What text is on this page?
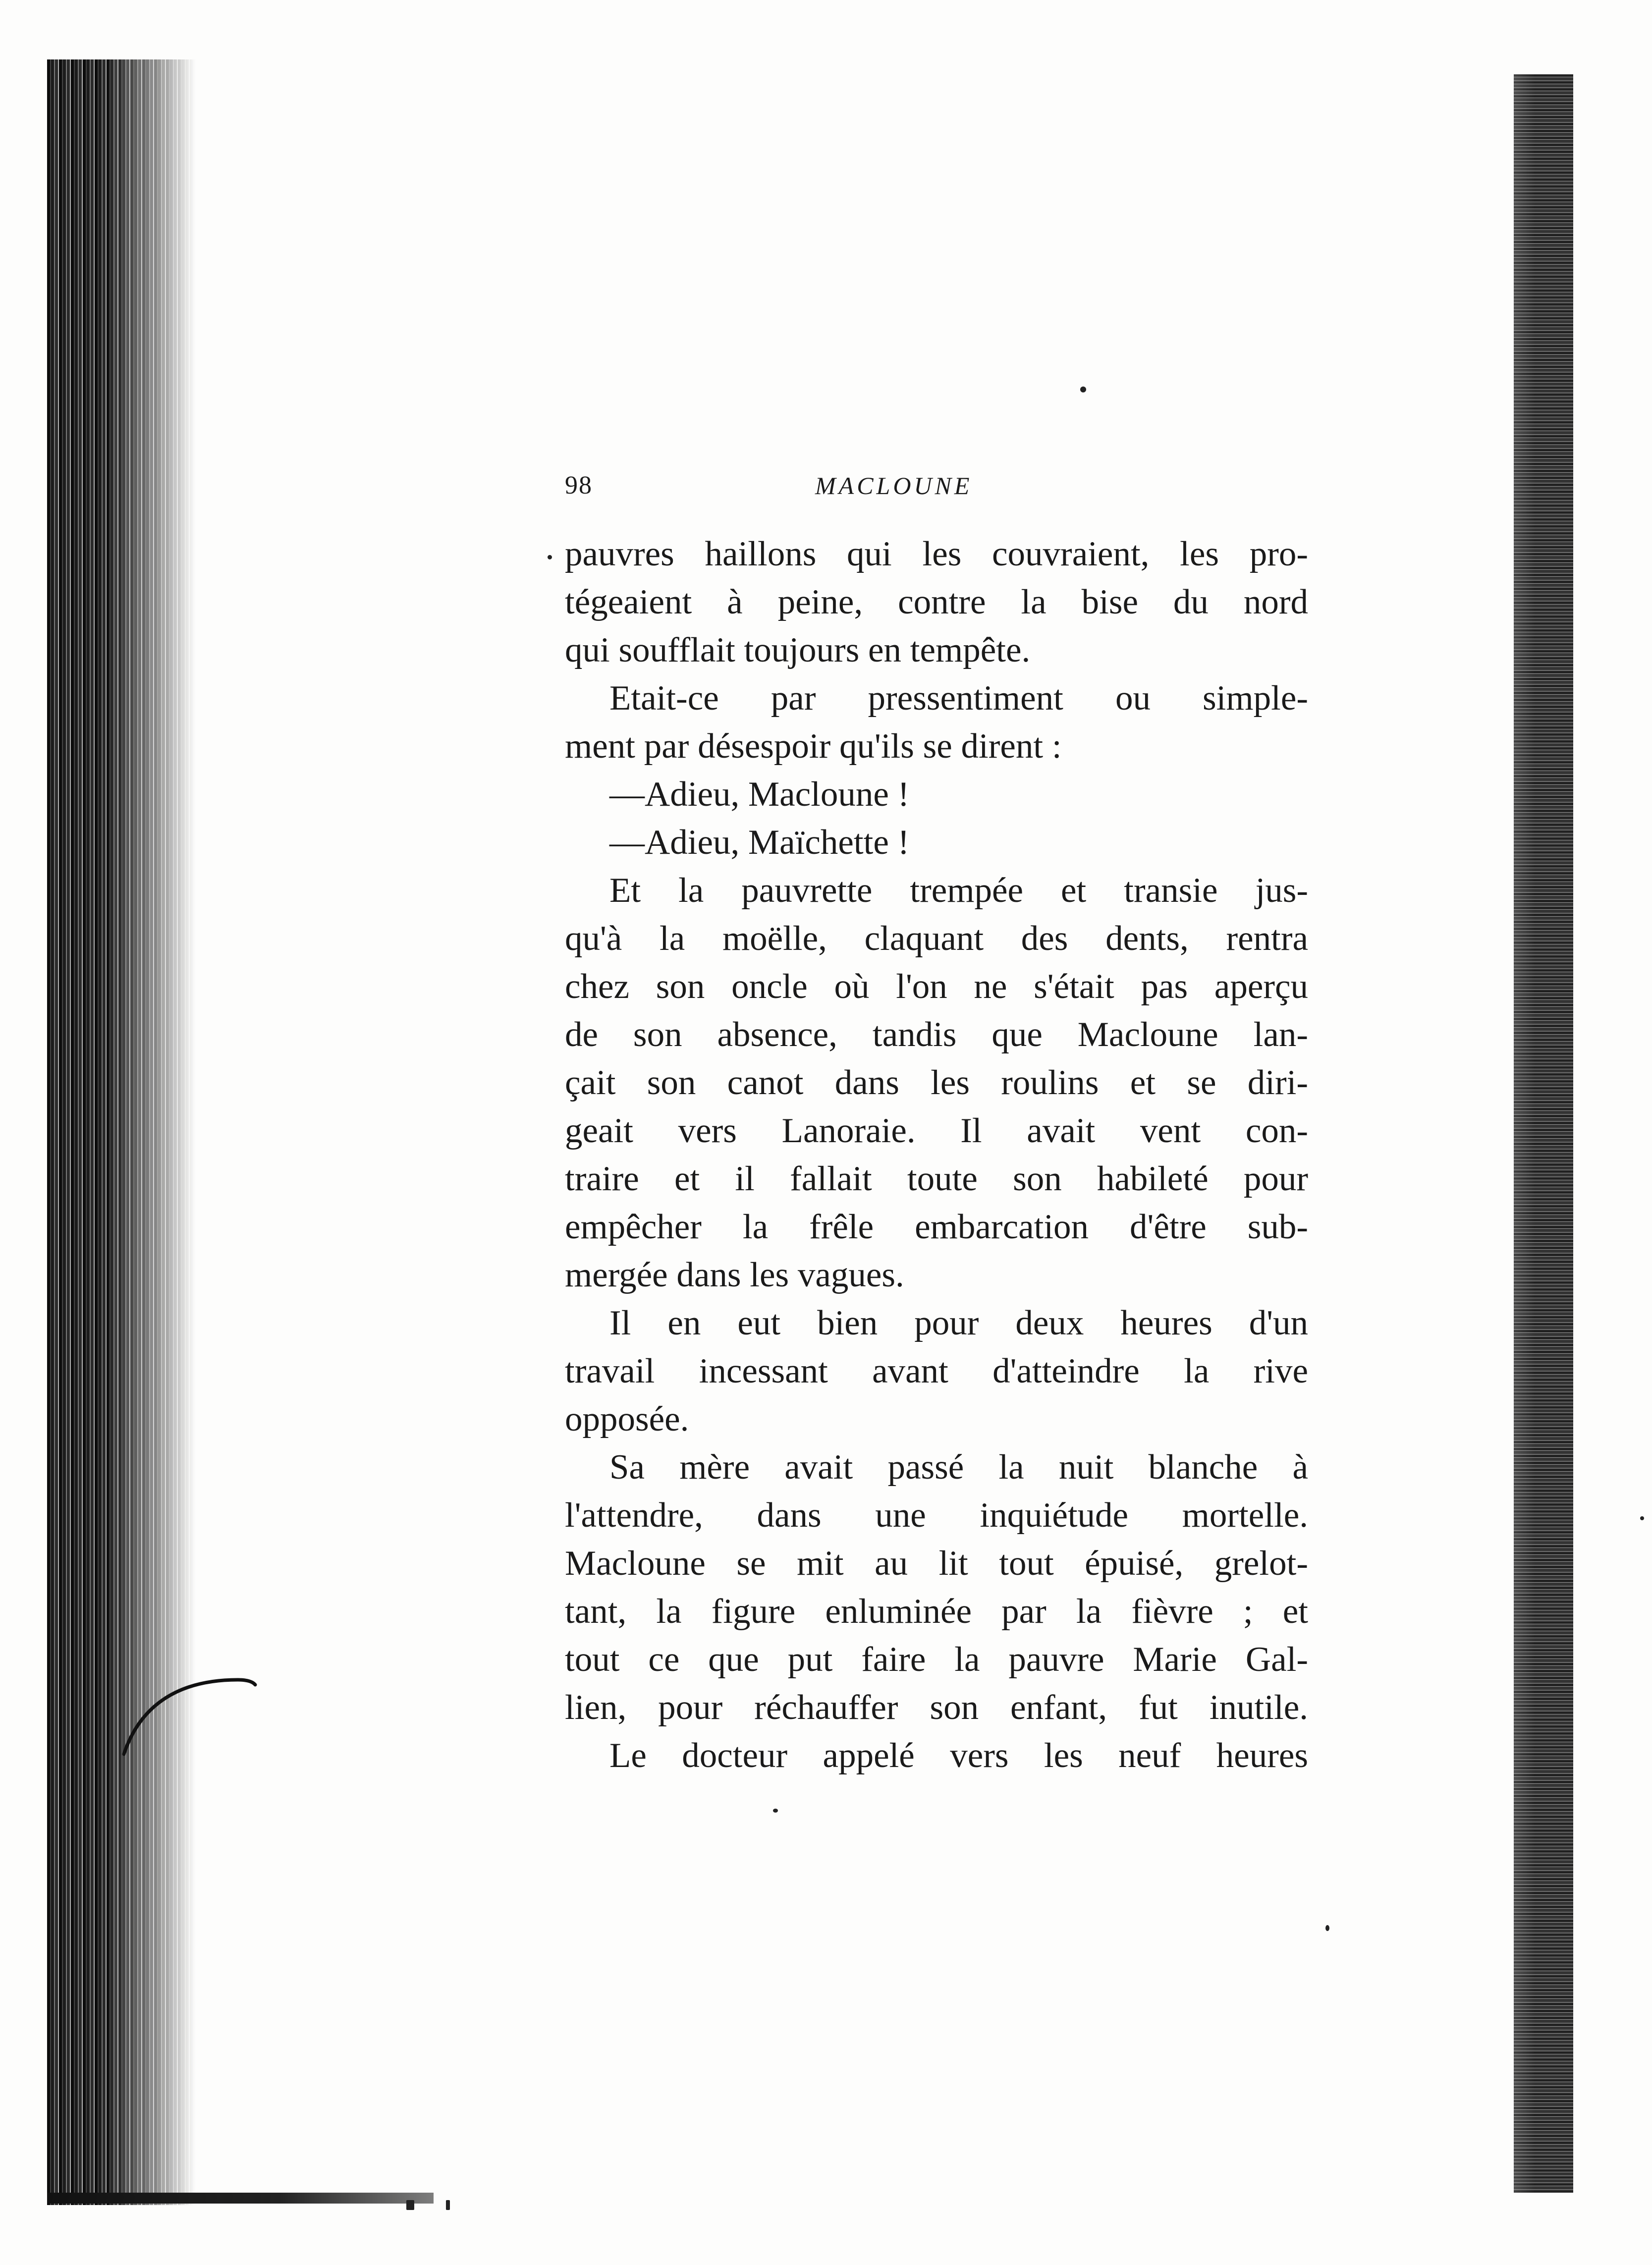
98	MACLOUNE
pauvres haillons qui les couvraient, les pro-
tégeaient à peine, contre la bise du nord
qui soufflait toujours en tempête.
Etait-ce par pressentiment ou simple-
ment par désespoir qu'ils se dirent :
—Adieu, Macloune !
—Adieu, Maïchette !
Et la pauvrette trempée et transie jus-
qu'à la moëlle, claquant des dents, rentra
chez son oncle où l'on ne s'était pas aperçu
de son absence, tandis que Macloune lan-
çait son canot dans les roulins et se diri-
geait vers Lanoraie. Il avait vent con-
traire et il fallait toute son habileté pour
empêcher la frêle embarcation d'être sub-
mergée dans les vagues.
Il en eut bien pour deux heures d'un
travail incessant avant d'atteindre la rive
opposée.
Sa mère avait passé la nuit blanche à
l'attendre, dans une inquiétude mortelle.
Macloune se mit au lit tout épuisé, grelot-
tant, la figure enluminée par la fièvre ; et
tout ce que put faire la pauvre Marie Gal-
lien, pour réchauffer son enfant, fut inutile.
Le docteur appelé vers les neuf heures
